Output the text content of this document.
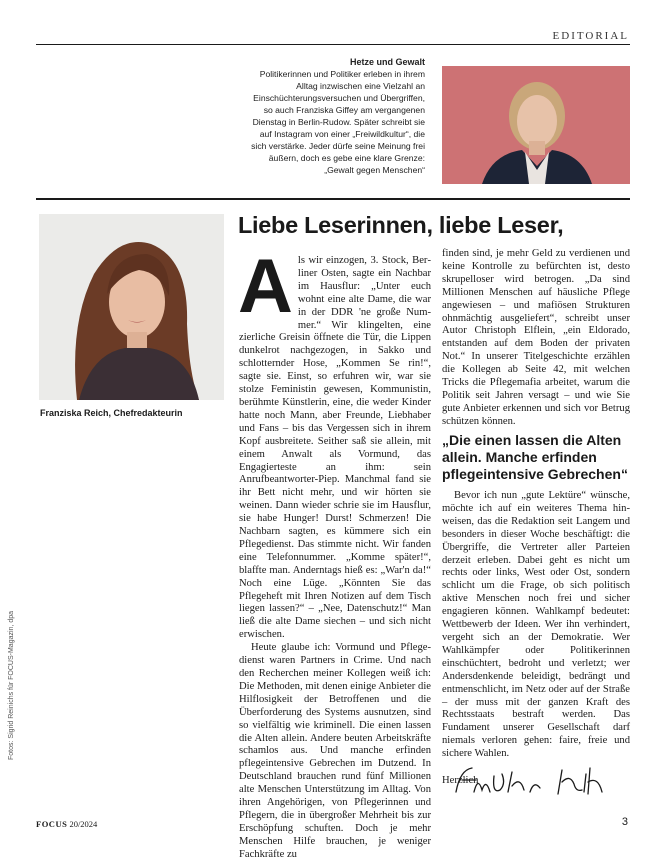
EDITORIAL
Hetze und Gewalt
Politikerinnen und Politiker erleben in ihrem Alltag inzwischen eine Vielzahl an Einschüchterungsversuchen und Übergriffen, so auch Franziska Giffey am vergangenen Dienstag in Berlin-Rudow. Später schreibt sie auf Instagram von einer „Freiwildkultur“, die sich verstärke. Jeder dürfe seine Meinung frei äußern, doch es gebe eine klare Grenze: „Gewalt gegen Menschen“
Franziska Reich, Chefredakteurin
Fotos: Sigrid Reinichs für FOCUS-Magazin, dpa
Liebe Leserinnen, liebe Leser,

Als wir einzogen, 3. Stock, Berliner Osten, sagte ein Nachbar im Hausflur: „Unter euch wohnt eine alte Dame, die war in der DDR 'ne große Nummer.“ Wir klingelten, eine zierliche Greisin öffnete die Tür, die Lippen dunkelrot nachgezogen, in Sakko und schlotternder Hose, „Kommen Se rin!“, sagte sie. Einst, so erfuhren wir, war sie stolze Feministin gewesen, Kommunistin, berühmte Künstlerin, eine, die weder Kinder hatte noch Mann, aber Freunde, Liebhaber und Fans – bis das Vergessen sich in ihrem Kopf ausbreitete. Seither saß sie allein, mit einem Anwalt als Vormund, das Engagierteste an ihm: sein Anrufbeantworter-Piep. Manchmal fand sie ihr Bett nicht mehr, und wir hörten sie weinen. Dann wieder schrie sie im Hausflur, sie habe Hunger! Durst! Schmerzen! Die Nachbarn sagten, es kümmere sich ein Pflegedienst. Das stimmte nicht. Wir fanden eine Telefonnummer. „Komme später!“, blaffte man. Anderntags hieß es: „War'n da!“ Noch eine Lüge. „Könnten Sie das Pflegeheft mit Ihren Notizen auf dem Tisch liegen lassen?“ – „Nee, Datenschutz!“ Man ließ die alte Dame siechen – und sich nicht erwischen.

Heute glaube ich: Vormund und Pflegedienst waren Partners in Crime. Und nach den Recherchen meiner Kollegen weiß ich: Die Methoden, mit denen einige Anbieter die Hilflosigkeit der Betroffenen und die Überforderung des Systems ausnutzen, sind so vielfältig wie kriminell. Die einen lassen die Alten allein. Andere beuten Arbeitskräfte schamlos aus. Und manche erfinden pflegeintensive Gebrechen im Dutzend. In Deutschland brauchen rund fünf Millionen alte Menschen Unterstützung im Alltag. Von ihren Angehörigen, von Pflegerinnen und Pflegern, die in übergroßer Mehrheit bis zur Erschöpfung schuften. Doch je mehr Menschen Hilfe brauchen, je weniger Fachkräfte zu

finden sind, je mehr Geld zu verdienen und keine Kontrolle zu befürchten ist, desto skrupelloser wird betrogen. „Da sind Millionen Menschen auf häusliche Pflege angewiesen – und mafiösen Strukturen ohnmächtig ausgeliefert“, schreibt unser Autor Christoph Elflein, „ein Eldorado, entstanden auf dem Boden der privaten Not.“ In unserer Titelgeschichte erzählen die Kollegen ab Seite 42, mit welchen Tricks die Pflegemafia arbeitet, warum die Politik seit Jahren versagt – und wie Sie gute Anbieter erkennen und sich vor Betrug schützen können.

„Die einen lassen die Alten allein. Manche erfinden pflegeintensive Gebrechen“

Bevor ich nun „gute Lektüre“ wünsche, möchte ich auf ein weiteres Thema hinweisen, das die Redaktion seit Langem und besonders in dieser Woche beschäftigt: die Übergriffe, die Vertreter aller Parteien derzeit erleben. Dabei geht es nicht um rechts oder links, West oder Ost, sondern schlicht um die Frage, ob sich politisch aktive Menschen noch frei und sicher engagieren können. Wahlkampf bedeutet: Wettbewerb der Ideen. Wer ihn verhindert, vergeht sich an der Demokratie. Wer Wahlkämpfer oder Politikerinnen einschüchtert, bedroht und verletzt; wer Andersdenkende beleidigt, bedrängt und entmenschlicht, im Netz oder auf der Straße – der muss mit der ganzen Kraft des Rechtsstaats bestraft werden. Das Fundament unserer Gesellschaft darf niemals verloren gehen: faire, freie und sichere Wahlen.

Herzlich

FOCUS 20/2024	3
